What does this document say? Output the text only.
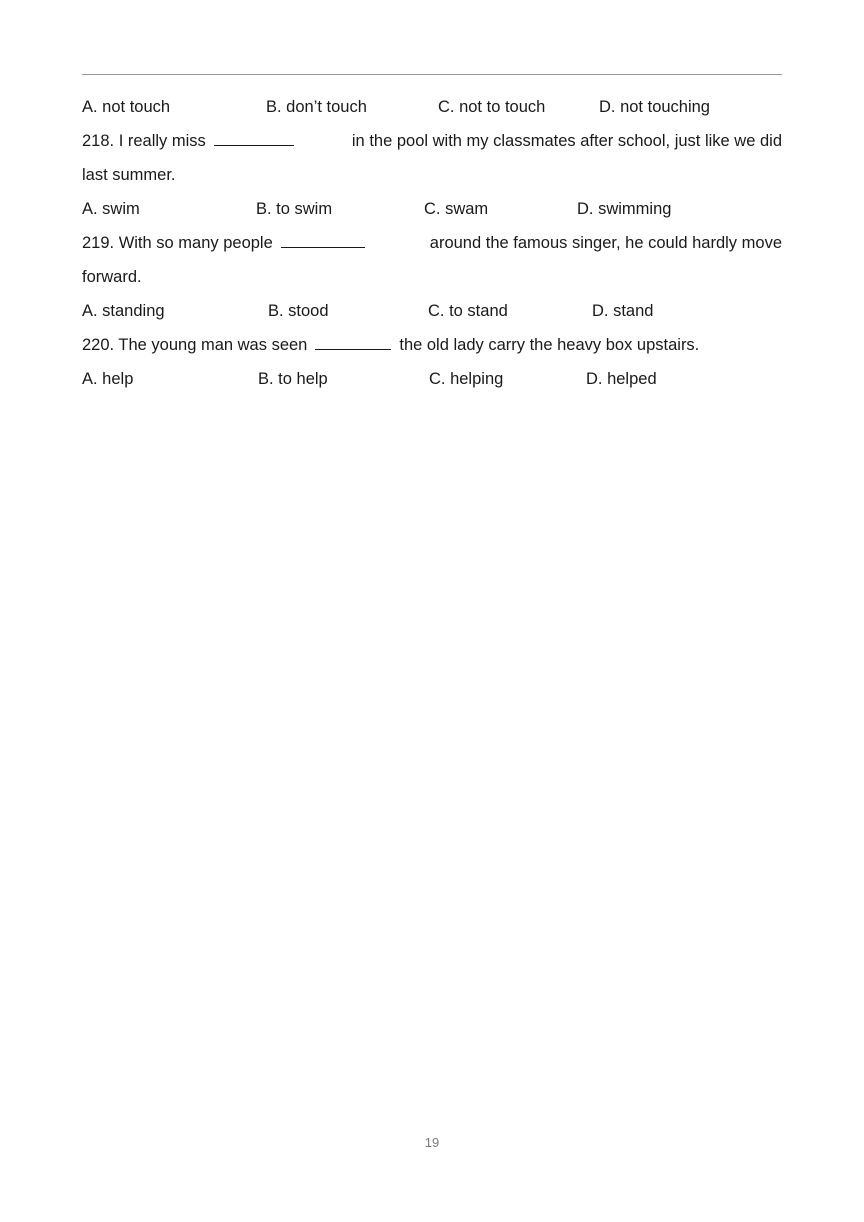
A. not touch	B. don’t touch	C. not to touch	D. not touching
218. I really miss	in the pool with my classmates after school, just like we did
last summer.
A. swim	B. to swim	C. swam	D. swimming
219. With so many people	around the famous singer, he could hardly move
forward.
A. standing	B. stood	C. to stand	D. stand
220. The young man was seen	the old lady carry the heavy box upstairs.
A. help	B. to help	C. helping	D. helped
19
